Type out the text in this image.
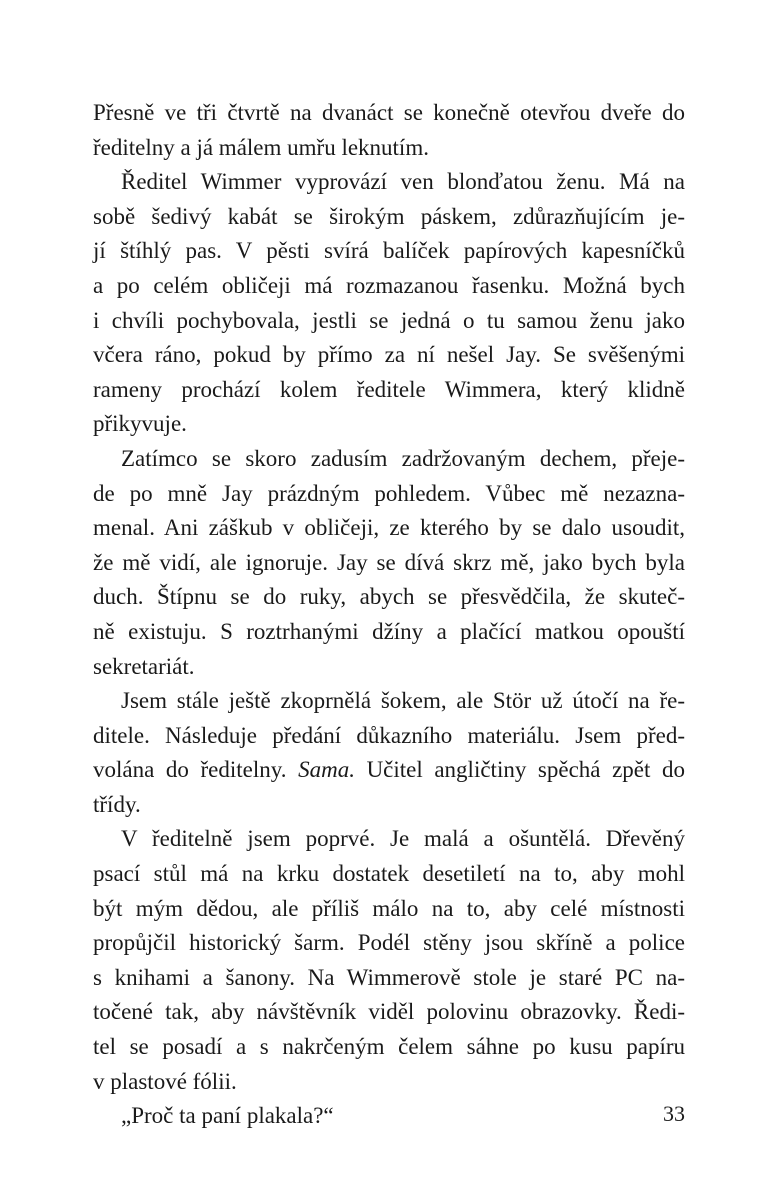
Přesně ve tři čtvrtě na dvanáct se konečně otevřou dveře do
ředitelny a já málem umřu leknutím.
Ředitel Wimmer vyprovází ven blonďatou ženu. Má na
sobě šedivý kabát se širokým páskem, zdůrazňujícím je-
jí štíhlý pas. V pěsti svírá balíček papírových kapesníčků
a po celém obličeji má rozmazanou řasenku. Možná bych
i chvíli pochybovala, jestli se jedná o tu samou ženu jako
včera ráno, pokud by přímo za ní nešel Jay. Se svěšenými
rameny prochází kolem ředitele Wimmera, který klidně
přikyvuje.
Zatímco se skoro zadusím zadržovaným dechem, přeje-
de po mně Jay prázdným pohledem. Vůbec mě nezazna-
menal. Ani záškub v obličeji, ze kterého by se dalo usoudit,
že mě vidí, ale ignoruje. Jay se dívá skrz mě, jako bych byla
duch. Štípnu se do ruky, abych se přesvědčila, že skuteč-
ně existuju. S roztrhanými džíny a plačící matkou opouští
sekretariát.
Jsem stále ještě zkoprnělá šokem, ale Stör už útočí na ře-
ditele. Následuje předání důkazního materiálu. Jsem před-
volána do ředitelny. Sama. Učitel angličtiny spěchá zpět do
třídy.
V ředitelně jsem poprvé. Je malá a ošuntělá. Dřevěný
psací stůl má na krku dostatek desetiletí na to, aby mohl
být mým dědou, ale příliš málo na to, aby celé místnosti
propůjčil historický šarm. Podél stěny jsou skříně a police
s knihami a šanony. Na Wimmerově stole je staré PC na-
točené tak, aby návštěvník viděl polovinu obrazovky. Ředi-
tel se posadí a s nakrčeným čelem sáhne po kusu papíru
v plastové fólii.
„Proč ta paní plakala?“	33
